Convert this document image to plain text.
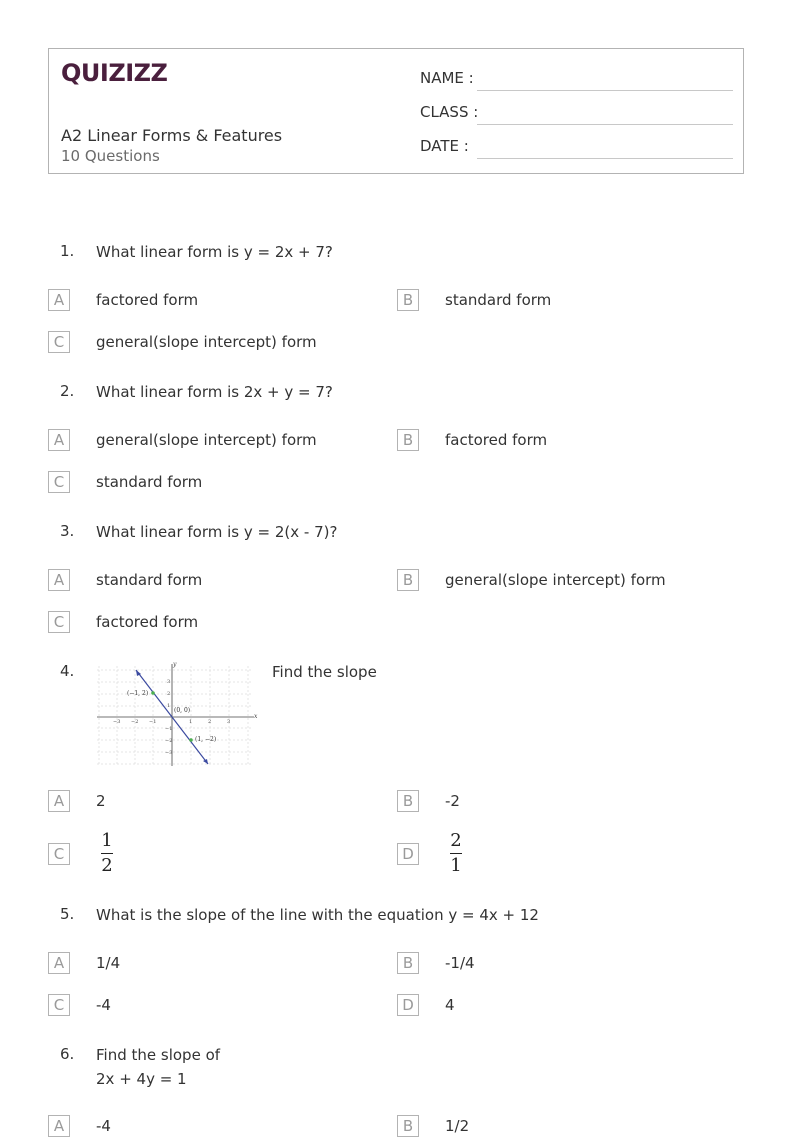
QUIZIZZ
A2 Linear Forms & Features
10 Questions
NAME :
CLASS :
DATE :
1. What linear form is y = 2x + 7?
A	factored form	B	standard form
C	general(slope intercept) form
2. What linear form is 2x + y = 7?
A	general(slope intercept) form	B	factored form
C	standard form
3. What linear form is y = 2(x - 7)?
A	standard form	B	general(slope intercept) form
C	factored form
4.
x
y
−3 −2 −1	1	2	3
3
2
1
−1
−2
−3
(−1, 2)
(0, 0)
(1, −2)
Find the slope
A	2	B	-2
C
1
2
D
2
1
5. What is the slope of the line with the equation y = 4x + 12
A	1/4	B	-1/4
C	-4	D	4
6. Find the slope of
2x + 4y = 1
A	-4	B	1/2
